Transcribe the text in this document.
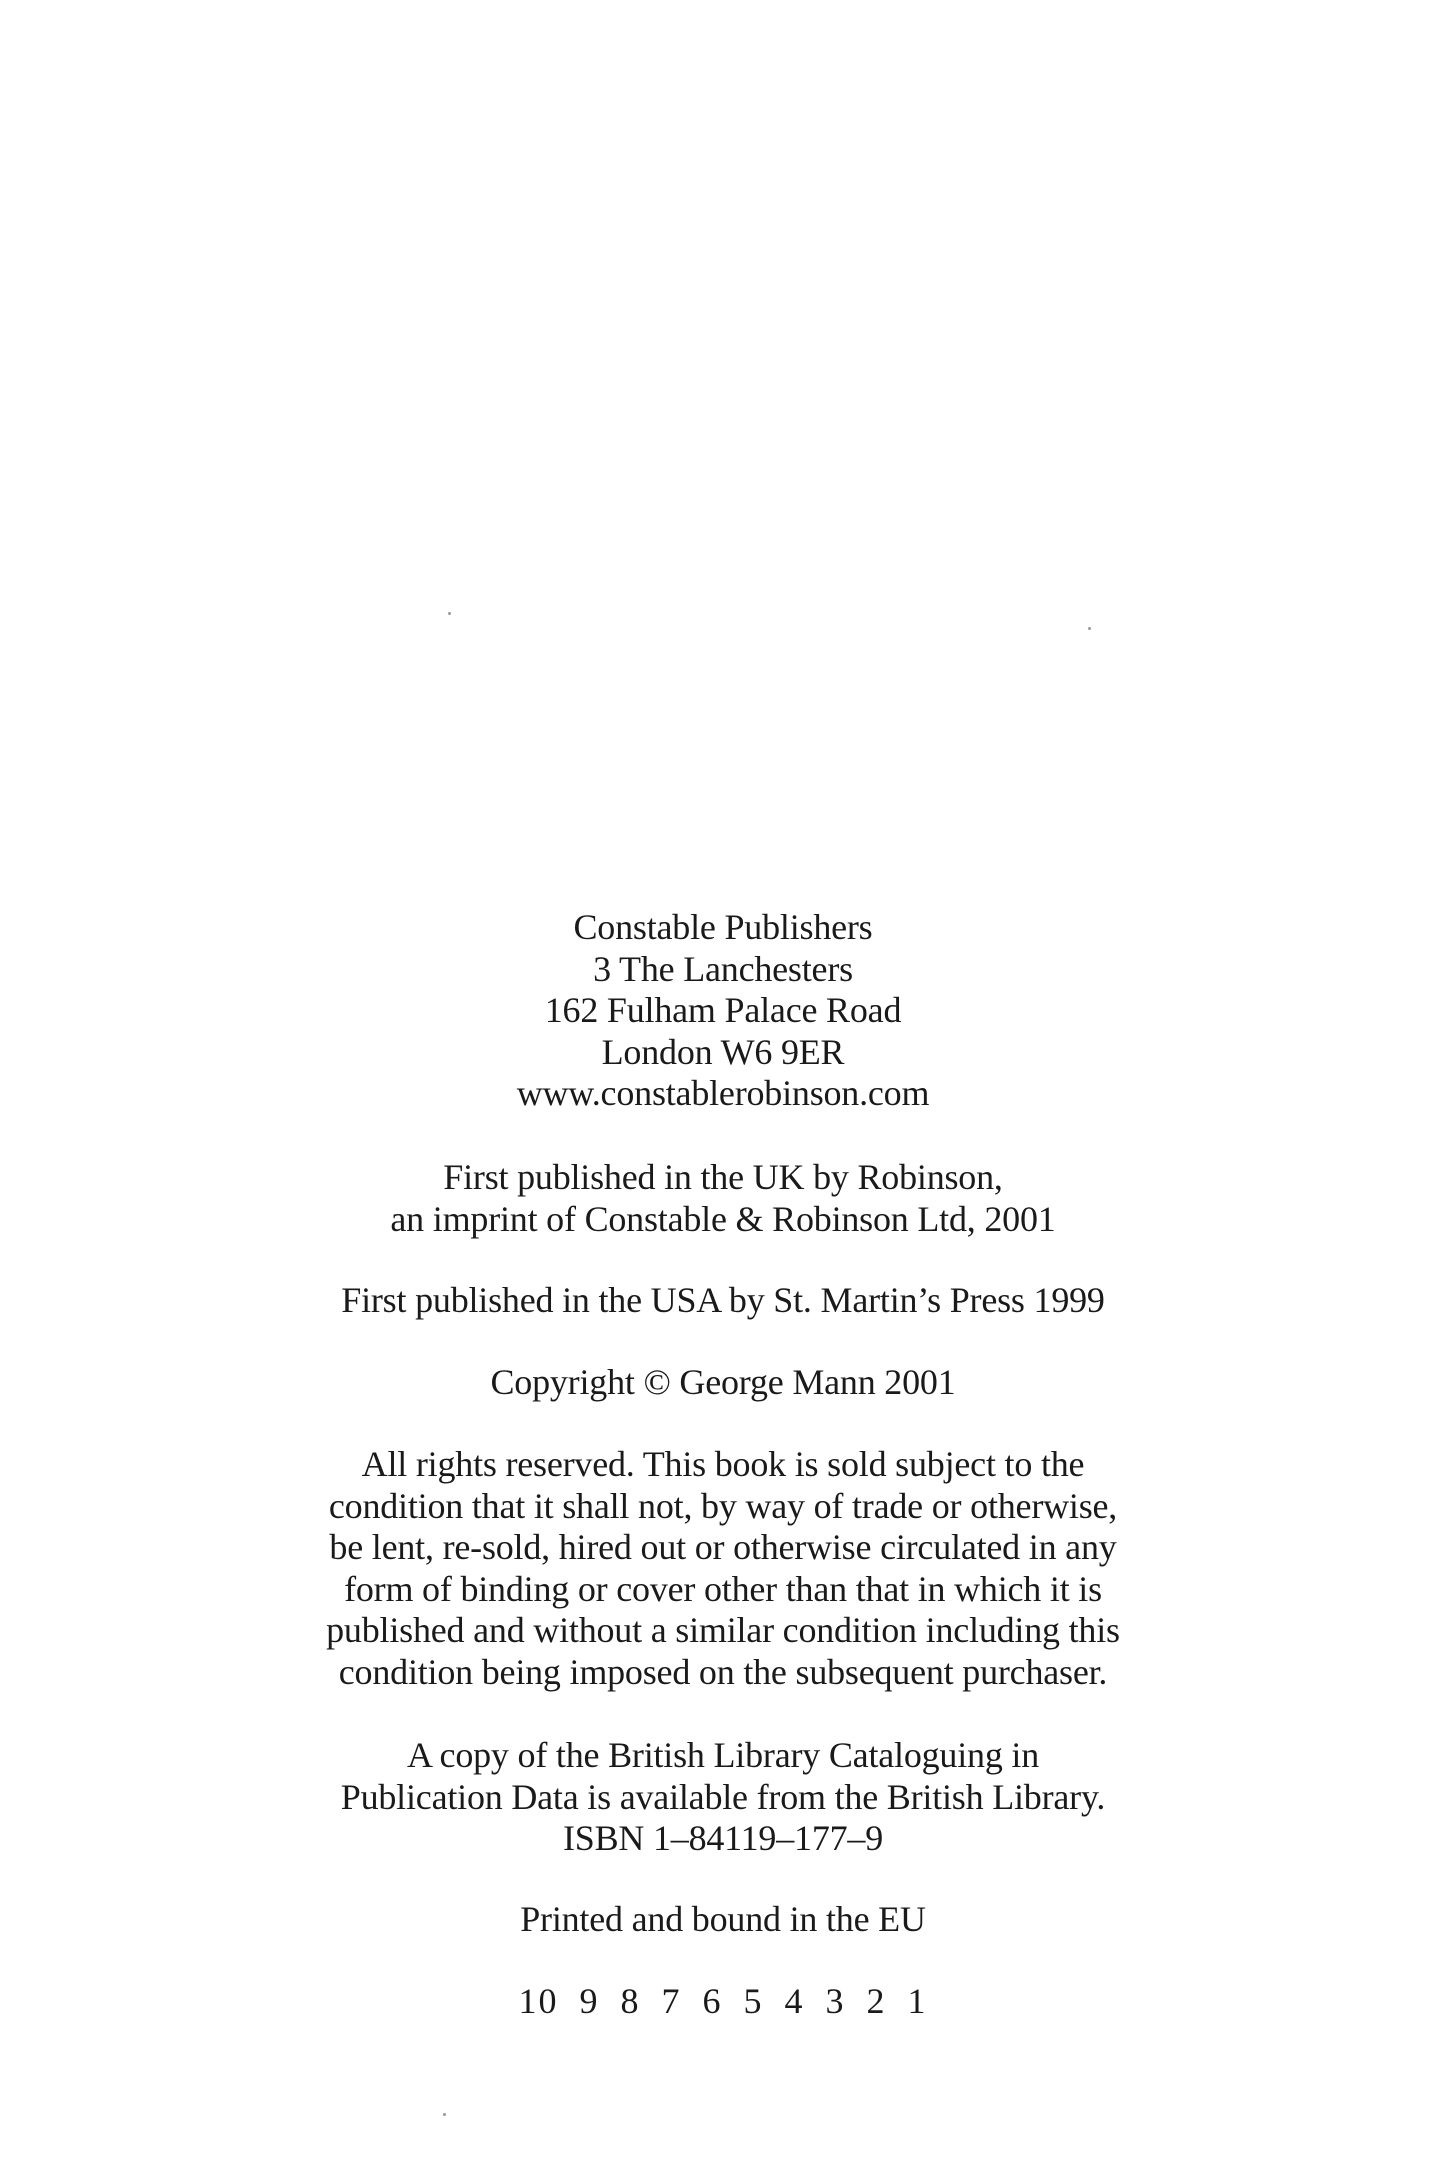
Constable Publishers
3 The Lanchesters
162 Fulham Palace Road
London W6 9ER
www.constablerobinson.com
First published in the UK by Robinson,
an imprint of Constable & Robinson Ltd, 2001
First published in the USA by St. Martin’s Press 1999
Copyright © George Mann 2001
All rights reserved. This book is sold subject to the
condition that it shall not, by way of trade or otherwise,
be lent, re-sold, hired out or otherwise circulated in any
form of binding or cover other than that in which it is
published and without a similar condition including this
condition being imposed on the subsequent purchaser.
A copy of the British Library Cataloguing in
Publication Data is available from the British Library.
ISBN 1–84119–177–9
Printed and bound in the EU
10 9 8 7 6 5 4 3 2 1
